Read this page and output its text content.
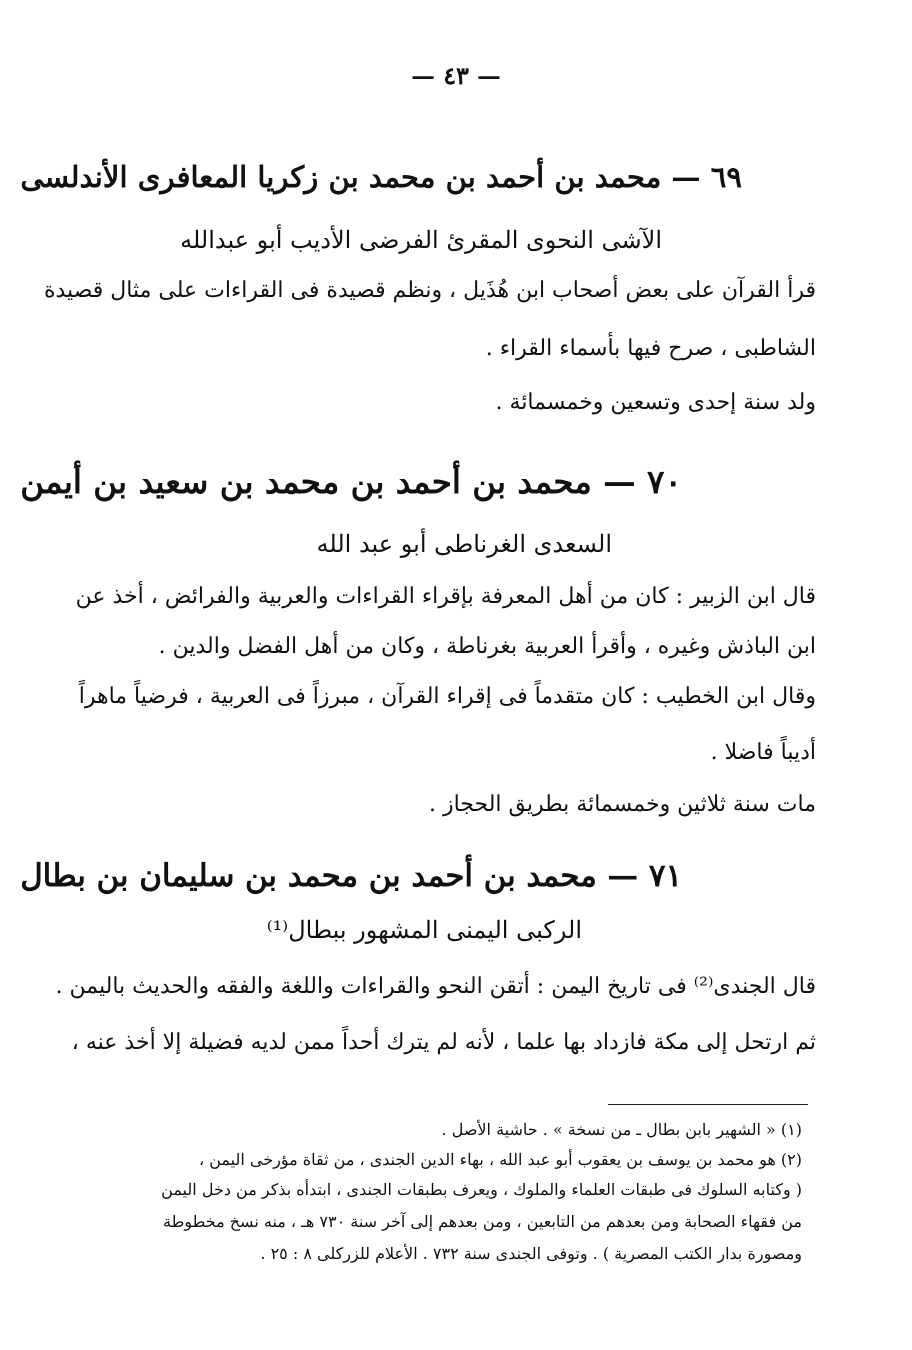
— ٤٣ —
٦٩ — محمد بن أحمد بن محمد بن زكريا المعافرى الأندلسى
الآشى النحوى المقرئ الفرضى الأديب أبو عبدالله
قرأ القرآن على بعض أصحاب ابن هُذَيل ، ونظم قصيدة فى القراءات على مثال قصيدة
الشاطبى ، صرح فيها بأسماء القراء .
ولد سنة إحدى وتسعين وخمسمائة .
٧٠ — محمد بن أحمد بن محمد بن سعيد بن أيمن
السعدى الغرناطى أبو عبد الله
قال ابن الزبير : كان من أهل المعرفة بإقراء القراءات والعربية والفرائض ، أخذ عن
ابن الباذش وغيره ، وأقرأ العربية بغرناطة ، وكان من أهل الفضل والدين .
وقال ابن الخطيب : كان متقدماً فى إقراء القرآن ، مبرزاً فى العربية ، فرضياً ماهراً
أديباً فاضلا .
مات سنة ثلاثين وخمسمائة بطريق الحجاز .
٧١ — محمد بن أحمد بن محمد بن سليمان بن بطال
الركبى اليمنى المشهور ببطال⁽¹⁾
قال الجندى⁽²⁾ فى تاريخ اليمن : أتقن النحو والقراءات واللغة والفقه والحديث باليمن .
ثم ارتحل إلى مكة فازداد بها علما ، لأنه لم يترك أحداً ممن لديه فضيلة إلا أخذ عنه ،
(١) « الشهير بابن بطال ـ من نسخة » . حاشية الأصل .
(٢) هو محمد بن يوسف بن يعقوب أبو عبد الله ، بهاء الدين الجندى ، من ثقاة مؤرخى اليمن ،
( وكتابه السلوك فى طبقات العلماء والملوك ، ويعرف بطبقات الجندى ، ابتدأه بذكر من دخل اليمن
من فقهاء الصحابة ومن بعدهم من التابعين ، ومن بعدهم إلى آخر سنة ٧٣٠ هـ ، منه نسخ مخطوطة
ومصورة بدار الكتب المصرية ) . وتوفى الجندى سنة ٧٣٢ . الأعلام للزركلى ٨ : ٢٥ .
